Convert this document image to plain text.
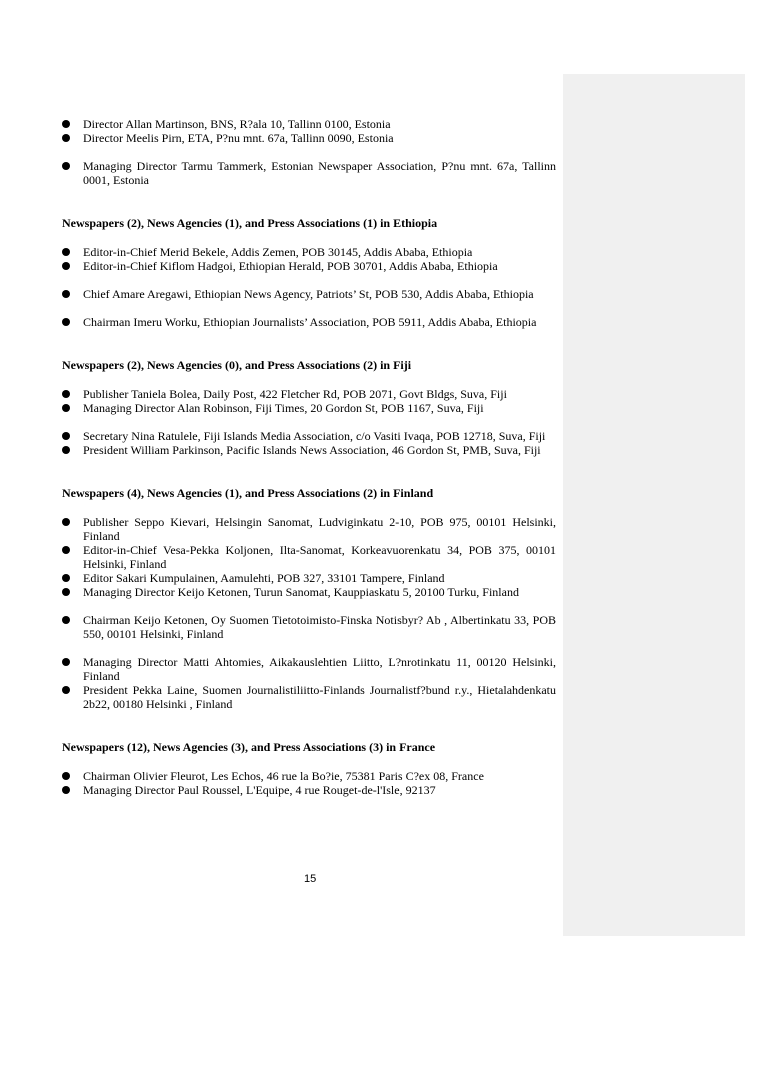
Director Allan Martinson, BNS, R?ala 10, Tallinn 0100, Estonia
Director Meelis Pirn, ETA, P?nu mnt. 67a, Tallinn 0090, Estonia
Managing Director Tarmu Tammerk, Estonian Newspaper Association, P?nu mnt. 67a, Tallinn 0001, Estonia
Newspapers (2), News Agencies (1), and Press Associations (1) in Ethiopia
Editor-in-Chief Merid Bekele, Addis Zemen, POB 30145, Addis Ababa, Ethiopia
Editor-in-Chief Kiflom Hadgoi, Ethiopian Herald, POB 30701, Addis Ababa, Ethiopia
Chief Amare Aregawi, Ethiopian News Agency, Patriots’ St, POB 530, Addis Ababa, Ethiopia
Chairman Imeru Worku, Ethiopian Journalists’ Association, POB 5911, Addis Ababa, Ethiopia
Newspapers (2), News Agencies (0), and Press Associations (2) in Fiji
Publisher Taniela Bolea, Daily Post, 422 Fletcher Rd, POB 2071, Govt Bldgs, Suva, Fiji
Managing Director Alan Robinson, Fiji Times, 20 Gordon St, POB 1167, Suva, Fiji
Secretary Nina Ratulele, Fiji Islands Media Association, c/o Vasiti Ivaqa, POB 12718, Suva, Fiji
President William Parkinson, Pacific Islands News Association, 46 Gordon St, PMB, Suva, Fiji
Newspapers (4), News Agencies (1), and Press Associations (2) in Finland
Publisher Seppo Kievari, Helsingin Sanomat, Ludviginkatu 2-10, POB 975, 00101 Helsinki, Finland
Editor-in-Chief Vesa-Pekka Koljonen, Ilta-Sanomat, Korkeavuorenkatu 34, POB 375, 00101 Helsinki, Finland
Editor Sakari Kumpulainen, Aamulehti, POB 327, 33101 Tampere, Finland
Managing Director Keijo Ketonen, Turun Sanomat, Kauppiaskatu 5, 20100 Turku, Finland
Chairman Keijo Ketonen, Oy Suomen Tietotoimisto-Finska Notisbyr? Ab , Albertinkatu 33, POB 550, 00101 Helsinki, Finland
Managing Director Matti Ahtomies, Aikakauslehtien Liitto, L?nrotinkatu 11, 00120 Helsinki, Finland
President Pekka Laine, Suomen Journalistiliitto-Finlands Journalistf?bund r.y., Hietalahdenkatu 2b22, 00180 Helsinki , Finland
Newspapers (12), News Agencies (3), and Press Associations (3) in France
Chairman Olivier Fleurot, Les Echos, 46 rue la Bo?ie, 75381 Paris C?ex 08, France
Managing Director Paul Roussel, L'Equipe, 4 rue Rouget-de-l'Isle, 92137
15
